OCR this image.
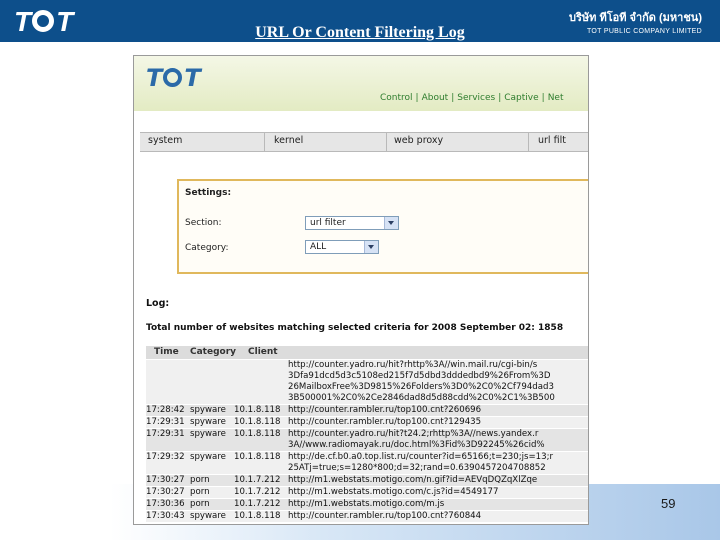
T T	บริษัท ทีโอที จำกัด (มหาชน)
TOT PUBLIC COMPANY LIMITED
URL Or Content Filtering Log
59
T T
Control | About | Services | Captive | Net
system	kernel	web proxy	url filt
Settings:
Section:	url filter
Category:	ALL
Log:
Total number of websites matching selected criteria for 2008 September 02: 1858
Time Category Client
http://counter.yadro.ru/hit?rhttp%3A//win.mail.ru/cgi-bin/s
3Dfa91dcd5d3c5108ed215f7d5dbd3dddedbd9%26From%3D
26MailboxFree%3D9815%26Folders%3D0%2C0%2Cf794dad3
3B500001%2C0%2Ce2846dad8d5d88cdd%2C0%2C1%3B500
17:28:42 spyware 10.1.8.118 http://counter.rambler.ru/top100.cnt?260696
17:29:31 spyware 10.1.8.118 http://counter.rambler.ru/top100.cnt?129435
17:29:31 spyware 10.1.8.118 http://counter.yadro.ru/hit?t24.2;rhttp%3A//news.yandex.r
3A//www.radiomayak.ru/doc.html%3Fid%3D92245%26cid%
17:29:32 spyware 10.1.8.118 http://de.cf.b0.a0.top.list.ru/counter?id=65166;t=230;js=13;r
25ATj=true;s=1280*800;d=32;rand=0.6390457204708852
17:30:27 porn	10.1.7.212 http://m1.webstats.motigo.com/n.gif?id=AEVqDQZqXlZqe
17:30:27 porn	10.1.7.212 http://m1.webstats.motigo.com/c.js?id=4549177
17:30:36 porn	10.1.7.212 http://m1.webstats.motigo.com/m.js
17:30:43 spyware 10.1.8.118 http://counter.rambler.ru/top100.cnt?760844
